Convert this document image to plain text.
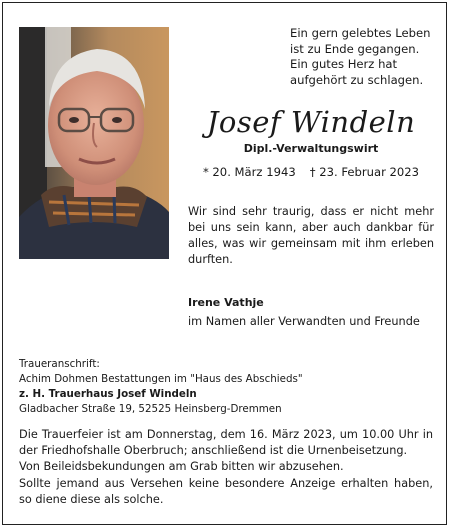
Ein gern gelebtes Leben
ist zu Ende gegangen.
Ein gutes Herz hat
aufgehört zu schlagen.
Josef Windeln
Dipl.-Verwaltungswirt
* 20. März 1943 † 23. Februar 2023
Wir sind sehr traurig, dass er nicht mehr
bei uns sein kann, aber auch dankbar für
alles, was wir gemeinsam mit ihm erleben
durften.
Irene Vathje
im Namen aller Verwandten und Freunde
Traueranschrift:
Achim Dohmen Bestattungen im "Haus des Abschieds"
z. H. Trauerhaus Josef Windeln
Gladbacher Straße 19, 52525 Heinsberg-Dremmen
Die Trauerfeier ist am Donnerstag, dem 16. März 2023, um 10.00 Uhr in
der Friedhofshalle Oberbruch; anschließend ist die Urnenbeisetzung.
Von Beileidsbekundungen am Grab bitten wir abzusehen.
Sollte jemand aus Versehen keine besondere Anzeige erhalten haben,
so diene diese als solche.
